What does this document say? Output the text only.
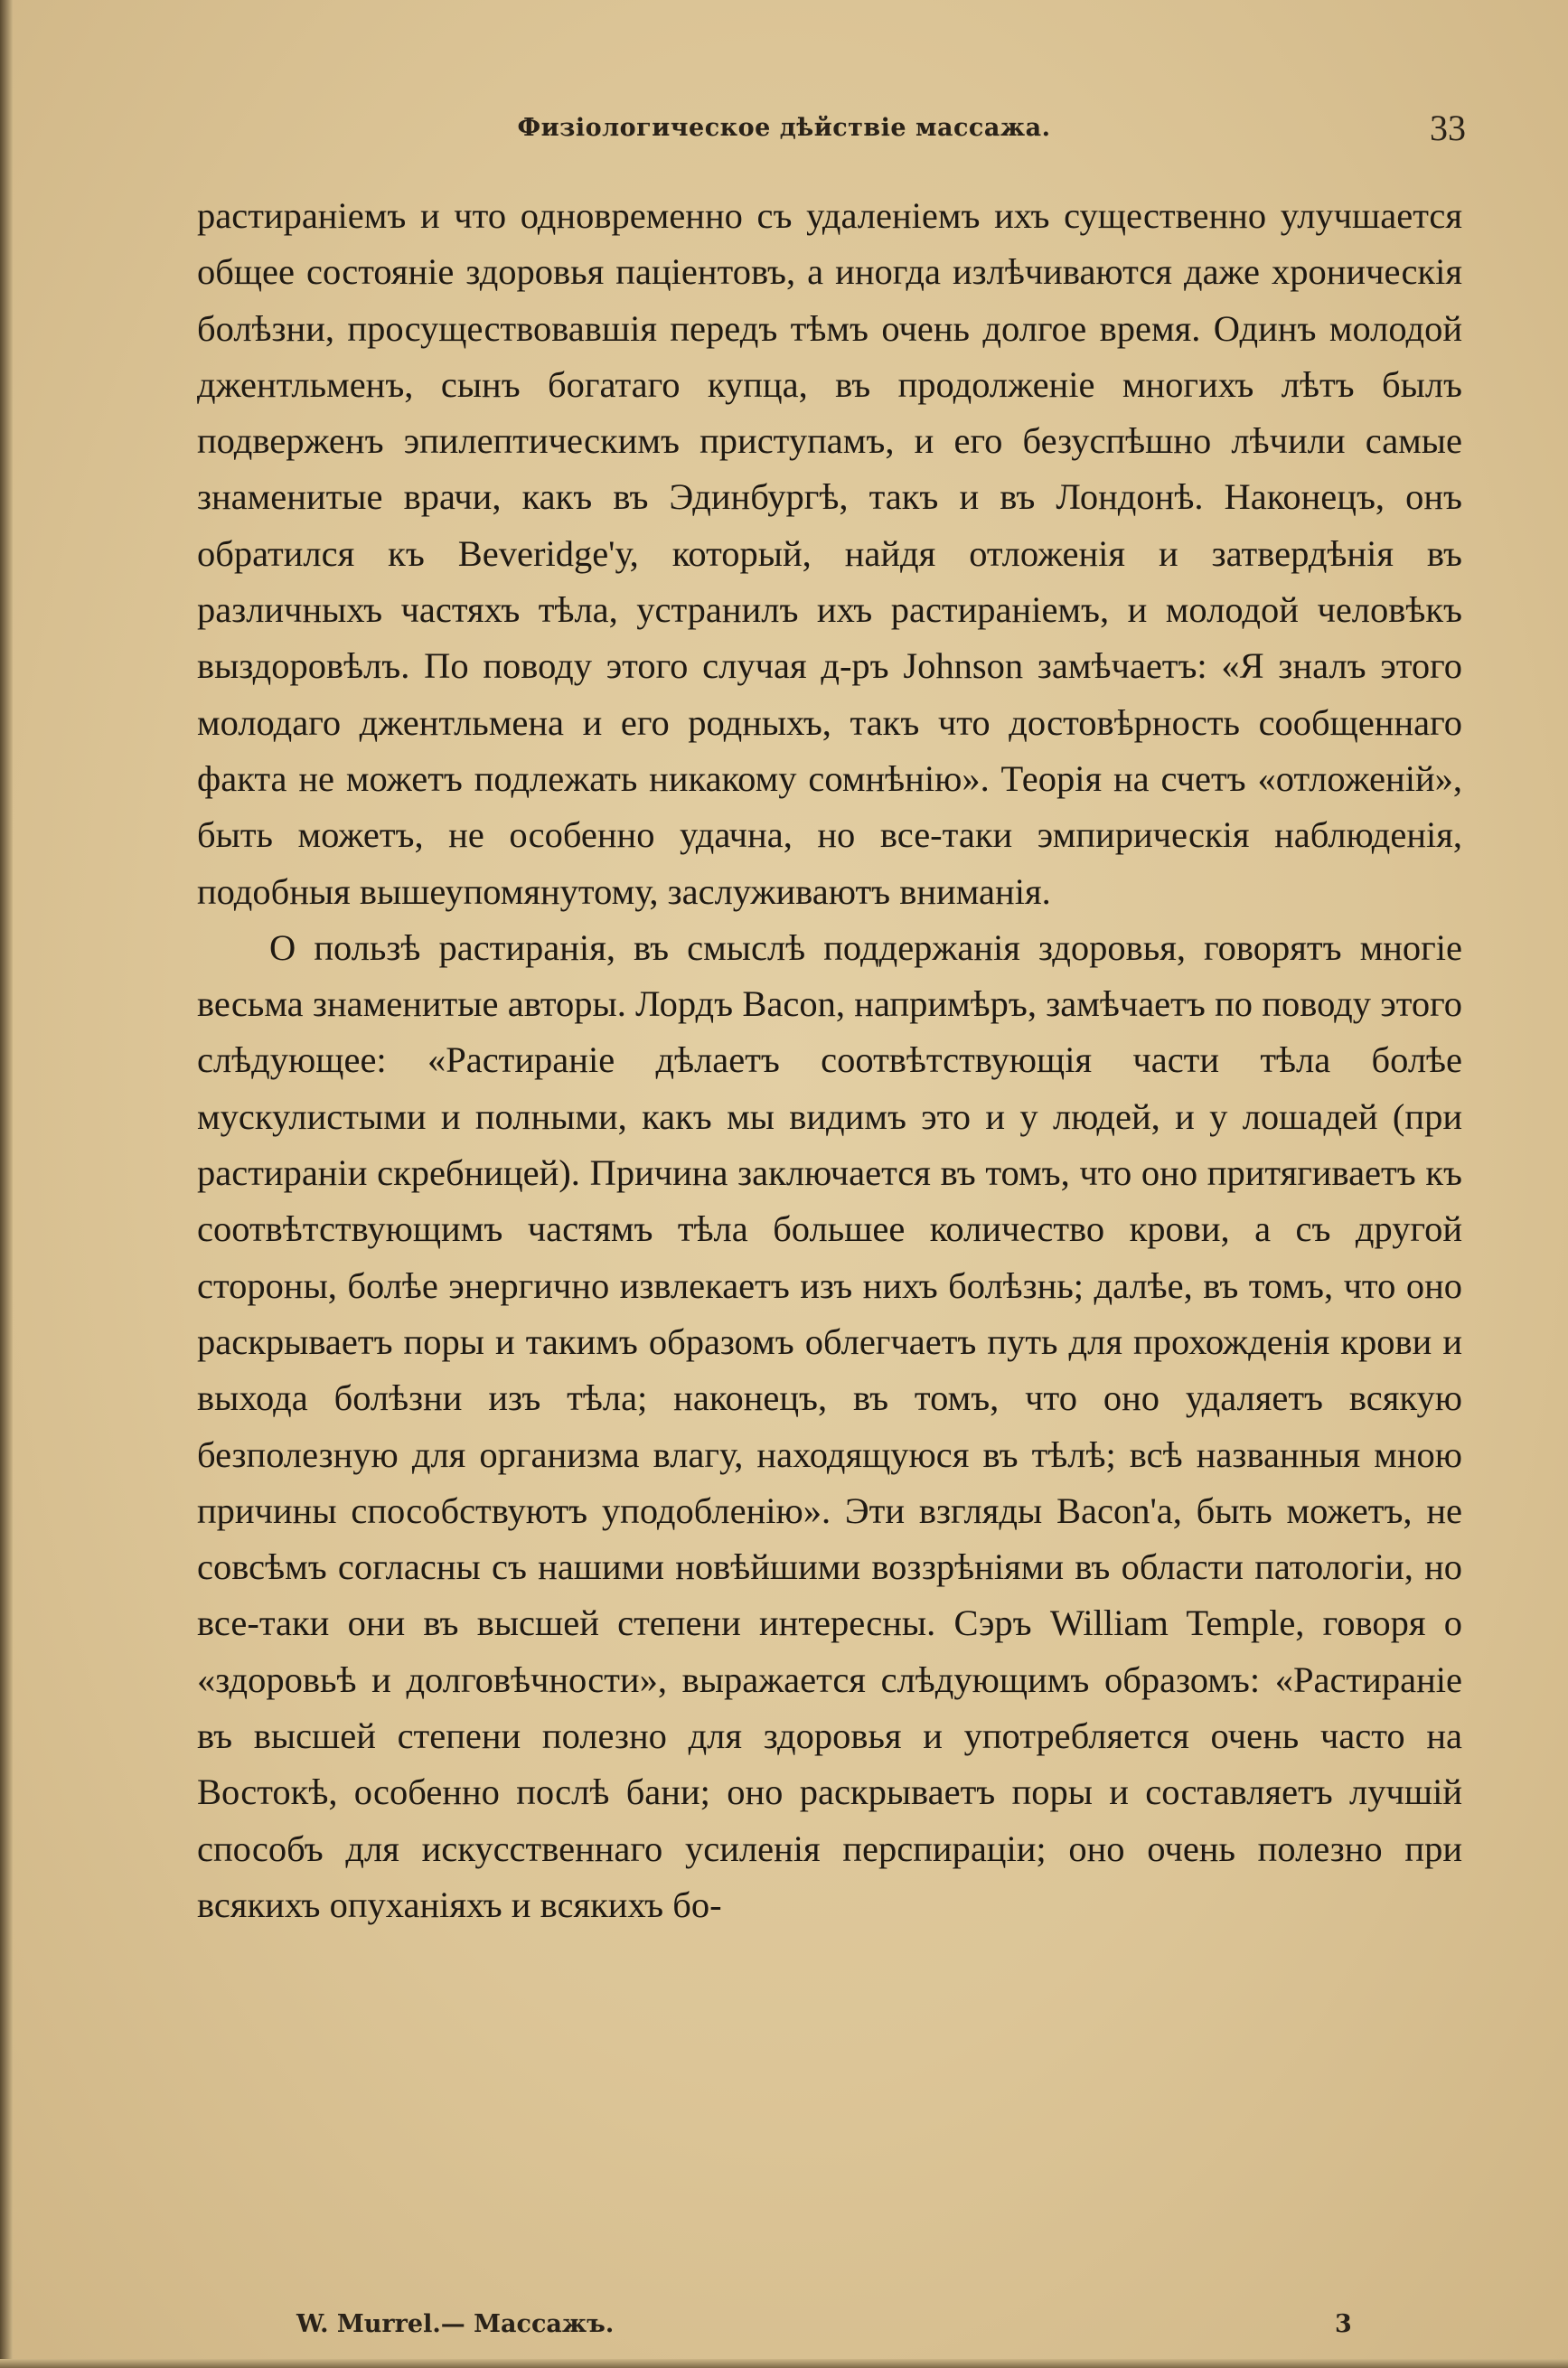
Физiологическое дѣйствiе массажа.	33

растиранiемъ и что одновременно съ удаленiемъ ихъ существенно улучшается общее состоянiе здоровья пацiентовъ, а иногда излѣчиваются даже хроническiя болѣзни, просуществовавшiя передъ тѣмъ очень долгое время. Одинъ молодой джентльменъ, сынъ богатаго купца, въ продолженiе многихъ лѣтъ былъ подверженъ эпилептическимъ приступамъ, и его безуспѣшно лѣчили самые знаменитые врачи, какъ въ Эдинбургѣ, такъ и въ Лондонѣ. Наконецъ, онъ обратился къ Beveridge'у, который, найдя отложенiя и затвердѣнiя въ различныхъ частяхъ тѣла, устранилъ ихъ растиранiемъ, и молодой человѣкъ выздоровѣлъ. По поводу этого случая д-ръ Johnson замѣчаетъ: «Я зналъ этого молодаго джентльмена и его родныхъ, такъ что достовѣрность сообщеннаго факта не можетъ подлежать никакому сомнѣнiю». Теорiя на счетъ «отложенiй», быть можетъ, не особенно удачна, но все-таки эмпирическiя наблюденiя, подобныя вышеупомянутому, заслуживаютъ вниманiя.

О пользѣ растиранiя, въ смыслѣ поддержанiя здоровья, говорятъ многiе весьма знаменитые авторы. Лордъ Bacon, напримѣръ, замѣчаетъ по поводу этого слѣдующее: «Растиранiе дѣлаетъ соотвѣтствующiя части тѣла болѣе мускулистыми и полными, какъ мы видимъ это и у людей, и у лошадей (при растиранiи скребницей). Причина заключается въ томъ, что оно притягиваетъ къ соотвѣтствующимъ частямъ тѣла большее количество крови, а съ другой стороны, болѣе энергично извлекаетъ изъ нихъ болѣзнь; далѣе, въ томъ, что оно раскрываетъ поры и такимъ образомъ облегчаетъ путь для прохожденiя крови и выхода болѣзни изъ тѣла; наконецъ, въ томъ, что оно удаляетъ всякую безполезную для организма влагу, находящуюся въ тѣлѣ; всѣ названныя мною причины способствуютъ уподобленiю». Эти взгляды Bacon'а, быть можетъ, не совсѣмъ согласны съ нашими новѣйшими воззрѣнiями въ области патологiи, но все-таки они въ высшей степени интересны. Сэръ William Temple, говоря о «здоровьѣ и долговѣчности», выражается слѣдующимъ образомъ: «Растиранiе въ высшей степени полезно для здоровья и употребляется очень часто на Востокѣ, особенно послѣ бани; оно раскрываетъ поры и составляетъ лучшiй способъ для искусственнаго усиленiя перспирацiи; оно очень полезно при всякихъ опуханiяхъ и всякихъ бо-

W. Murrel.— Массажъ.	3
